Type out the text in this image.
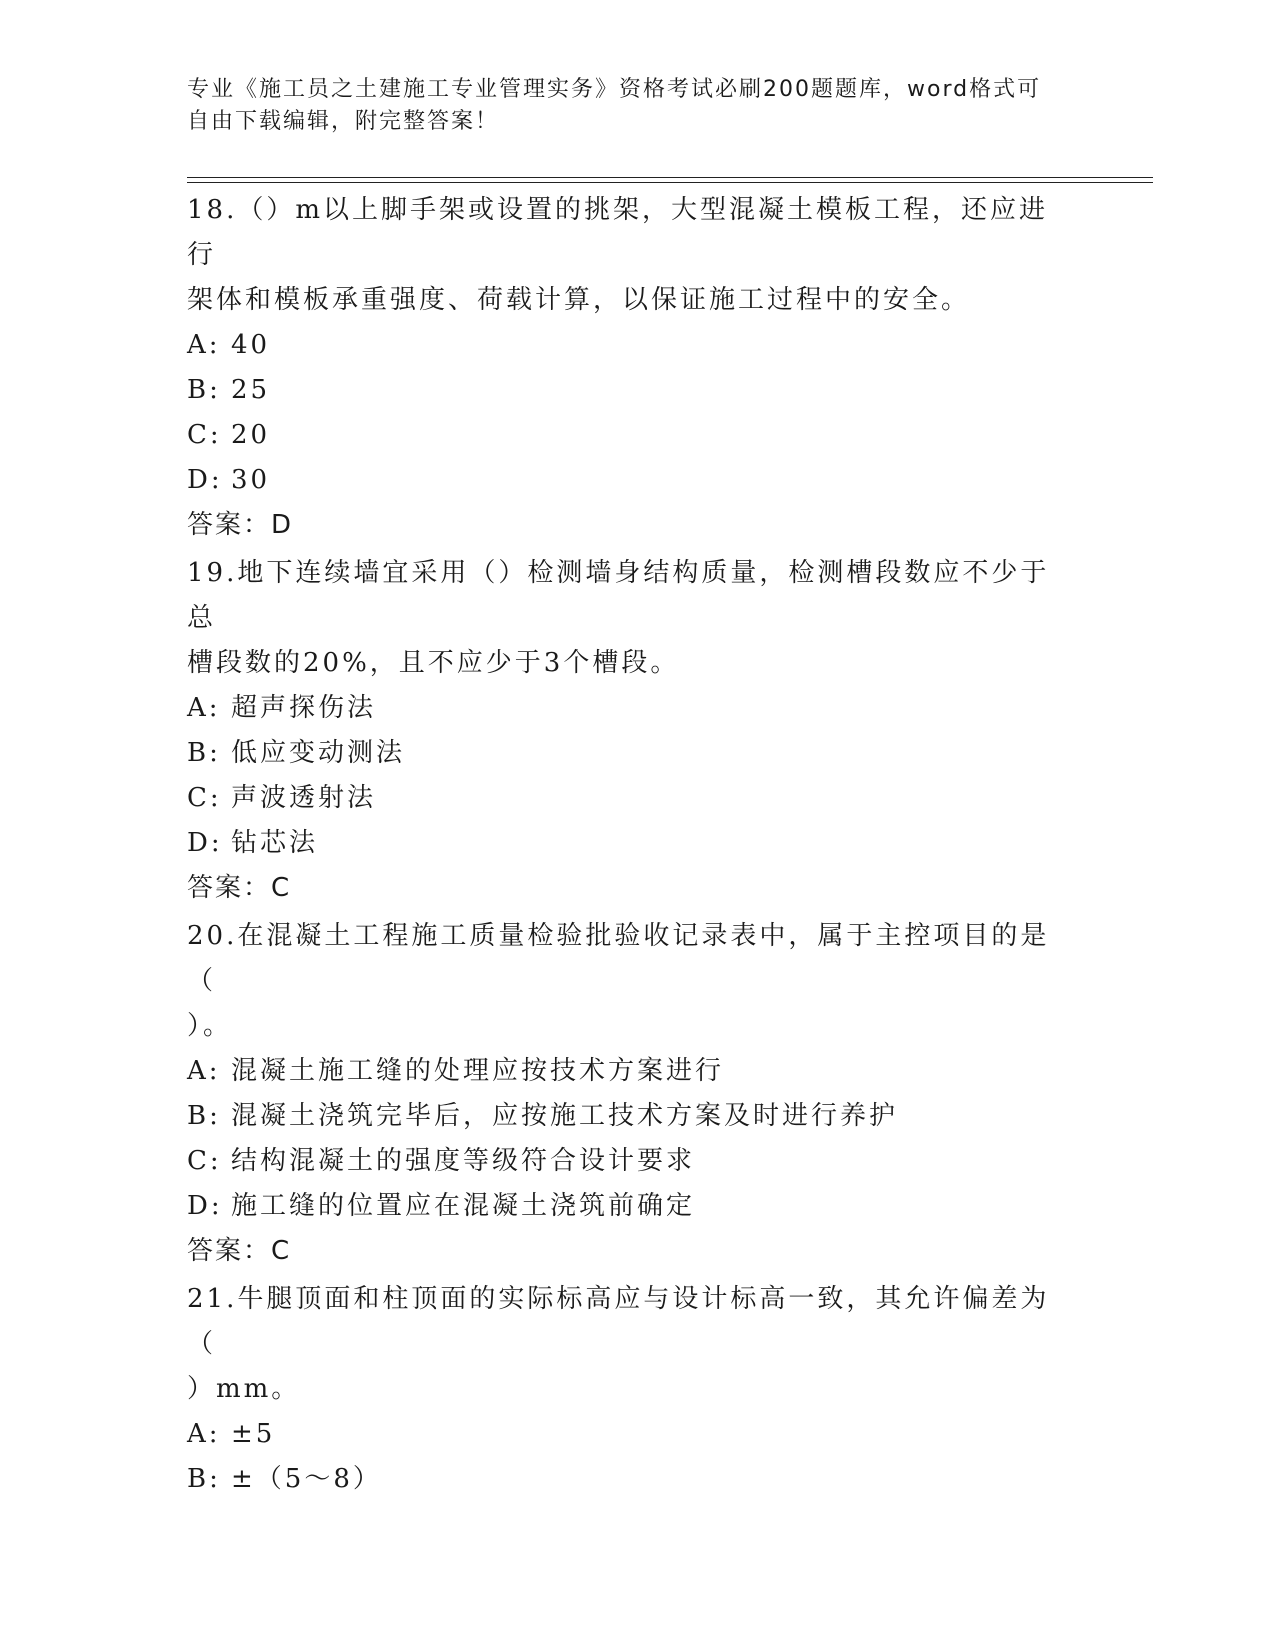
专业《施工员之土建施工专业管理实务》资格考试必刷200题题库，word格式可
自由下载编辑，附完整答案！

18.（）m以上脚手架或设置的挑架，大型混凝土模板工程，还应进行

架体和模板承重强度、荷载计算，以保证施工过程中的安全。

A: 40

B: 25

C: 20

D: 30

答案：D

19.地下连续墙宜采用（）检测墙身结构质量，检测槽段数应不少于总

槽段数的20%，且不应少于3个槽段。

A: 超声探伤法

B: 低应变动测法

C: 声波透射法

D: 钻芯法

答案：C

20.在混凝土工程施工质量检验批验收记录表中，属于主控项目的是（

）。

A: 混凝土施工缝的处理应按技术方案进行

B: 混凝土浇筑完毕后，应按施工技术方案及时进行养护

C: 结构混凝土的强度等级符合设计要求

D: 施工缝的位置应在混凝土浇筑前确定

答案：C

21.牛腿顶面和柱顶面的实际标高应与设计标高一致，其允许偏差为（

）mm。

A: ±5

B: ±（5～8）
